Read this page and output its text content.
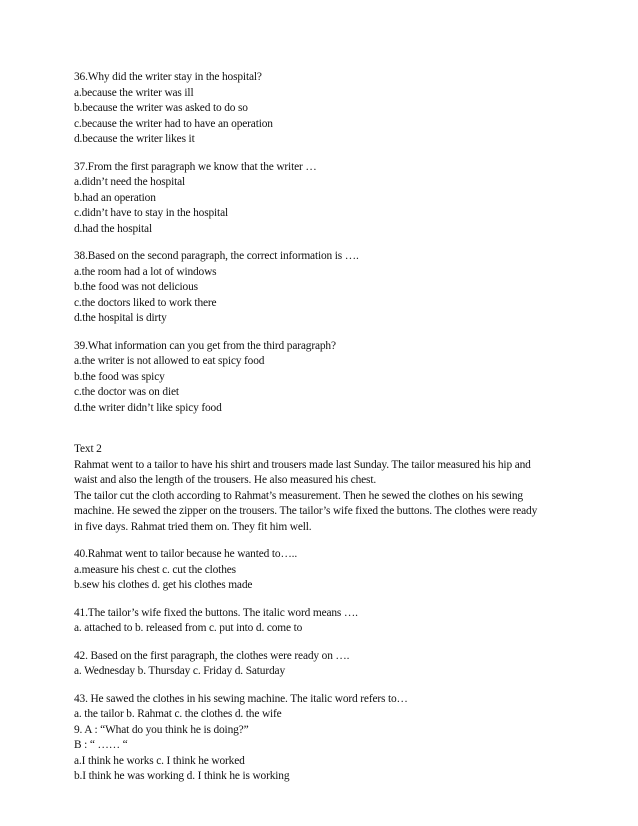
36.Why did the writer stay in the hospital?
a.because the writer was ill
b.because the writer was asked to do so
c.because the writer had to have an operation
d.because the writer likes it
37.From the first paragraph we know that the writer …
a.didn’t need the hospital
b.had an operation
c.didn’t have to stay in the hospital
d.had the hospital
38.Based on the second paragraph, the correct information is ….
a.the room had a lot of windows
b.the food was not delicious
c.the doctors liked to work there
d.the hospital is dirty
39.What information can you get from the third paragraph?
a.the writer is not allowed to eat spicy food
b.the food was spicy
c.the doctor was on diet
d.the writer didn’t like spicy food
Text 2
Rahmat went to a tailor to have his shirt and trousers made last Sunday. The tailor measured his hip and
waist and also the length of the trousers. He also measured his chest.
The tailor cut the cloth according to Rahmat’s measurement. Then he sewed the clothes on his sewing
machine. He sewed the zipper on the trousers. The tailor’s wife fixed the buttons. The clothes were ready
in five days. Rahmat tried them on. They fit him well.
40.Rahmat went to tailor because he wanted to…..
a.measure his chest c. cut the clothes
b.sew his clothes d. get his clothes made
41.The tailor’s wife fixed the buttons. The italic word means ….
a. attached to b. released from c. put into d. come to
42. Based on the first paragraph, the clothes were ready on ….
a. Wednesday b. Thursday c. Friday d. Saturday
43. He sawed the clothes in his sewing machine. The italic word refers to…
a. the tailor b. Rahmat c. the clothes d. the wife
9. A : “What do you think he is doing?”
B : “ …… “
a.I think he works c. I think he worked
b.I think he was working d. I think he is working
